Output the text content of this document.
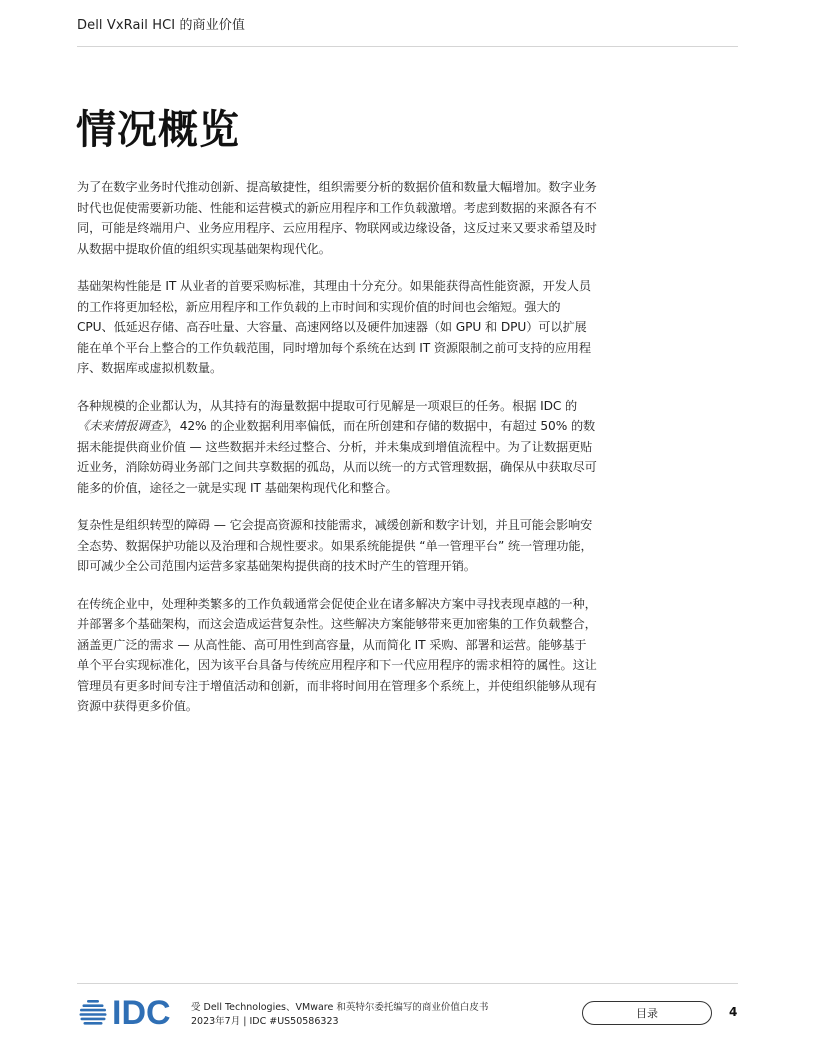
Dell VxRail HCI 的商业价值
情况概览

为了在数字业务时代推动创新、提高敏捷性，组织需要分析的数据价值和数量大幅增加。数字业务时代也促使需要新功能、性能和运营模式的新应用程序和工作负载激增。考虑到数据的来源各有不同，可能是终端用户、业务应用程序、云应用程序、物联网或边缘设备，这反过来又要求希望及时从数据中提取价值的组织实现基础架构现代化。

基础架构性能是 IT 从业者的首要采购标准，其理由十分充分。如果能获得高性能资源，开发人员的工作将更加轻松，新应用程序和工作负载的上市时间和实现价值的时间也会缩短。强大的 CPU、低延迟存储、高吞吐量、大容量、高速网络以及硬件加速器（如 GPU 和 DPU）可以扩展能在单个平台上整合的工作负载范围，同时增加每个系统在达到 IT 资源限制之前可支持的应用程序、数据库或虚拟机数量。

各种规模的企业都认为，从其持有的海量数据中提取可行见解是一项艰巨的任务。根据 IDC 的《未来情报调查》，42% 的企业数据利用率偏低，而在所创建和存储的数据中，有超过 50% 的数据未能提供商业价值 — 这些数据并未经过整合、分析，并未集成到增值流程中。为了让数据更贴近业务，消除妨碍业务部门之间共享数据的孤岛，从而以统一的方式管理数据，确保从中获取尽可能多的价值，途径之一就是实现 IT 基础架构现代化和整合。

复杂性是组织转型的障碍 — 它会提高资源和技能需求，减缓创新和数字计划，并且可能会影响安全态势、数据保护功能以及治理和合规性要求。如果系统能提供 “单一管理平台” 统一管理功能，即可减少全公司范围内运营多家基础架构提供商的技术时产生的管理开销。

在传统企业中，处理种类繁多的工作负载通常会促使企业在诸多解决方案中寻找表现卓越的一种，并部署多个基础架构，而这会造成运营复杂性。这些解决方案能够带来更加密集的工作负载整合，涵盖更广泛的需求 — 从高性能、高可用性到高容量，从而简化 IT 采购、部署和运营。能够基于单个平台实现标准化，因为该平台具备与传统应用程序和下一代应用程序的需求相符的属性。这让管理员有更多时间专注于增值活动和创新，而非将时间用在管理多个系统上，并使组织能够从现有资源中获得更多价值。

IDC 受 Dell Technologies、VMware 和英特尔委托编写的商业价值白皮书
2023年7月 | IDC #US50586323
目录	4
